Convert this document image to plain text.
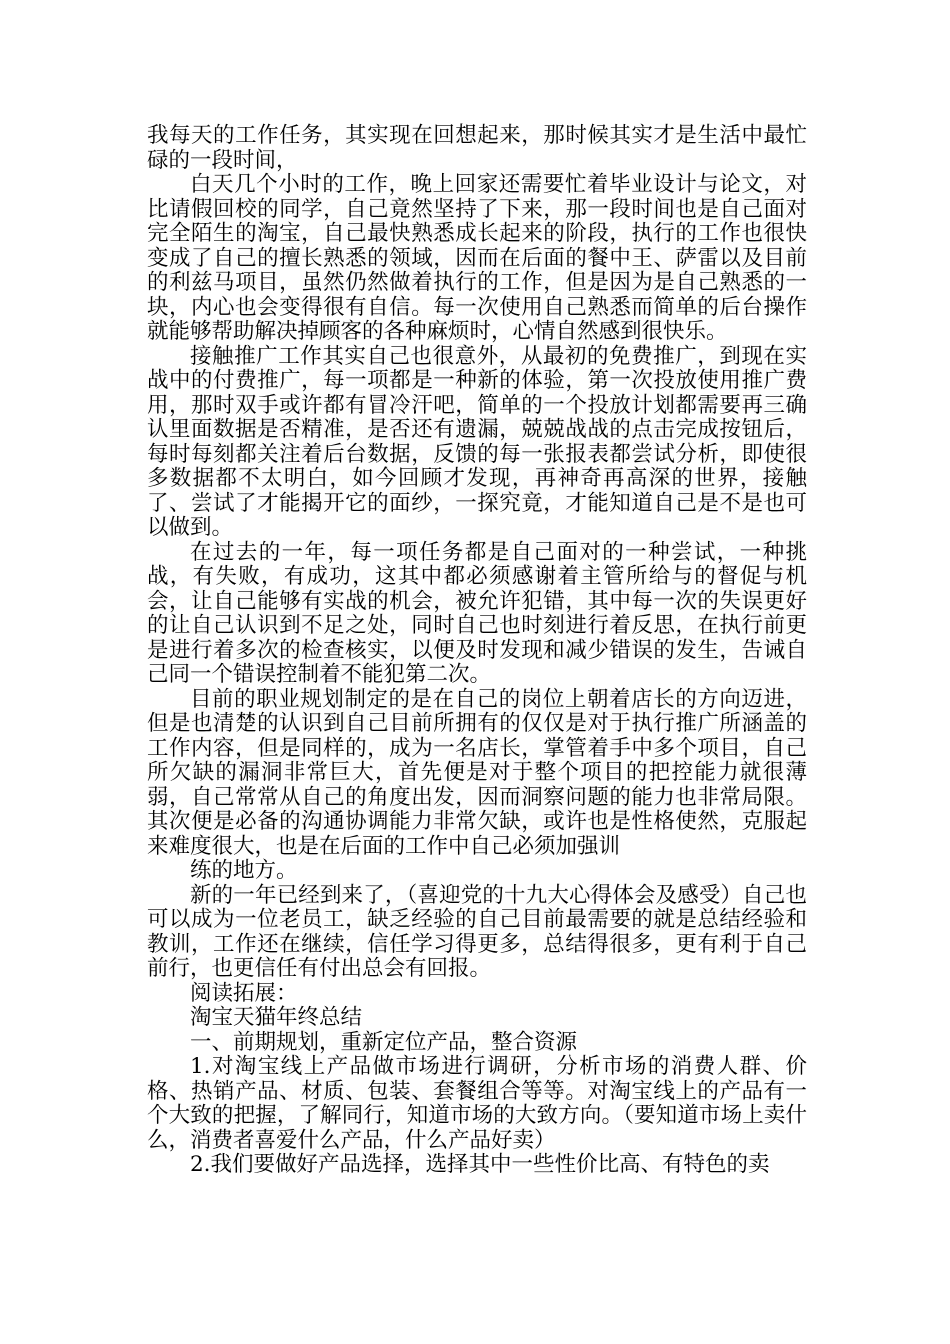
我每天的工作任务，其实现在回想起来，那时候其实才是生活中最忙碌的一段时间，

白天几个小时的工作，晚上回家还需要忙着毕业设计与论文，对比请假回校的同学，自己竟然坚持了下来，那一段时间也是自己面对完全陌生的淘宝，自己最快熟悉成长起来的阶段，执行的工作也很快变成了自己的擅长熟悉的领域，因而在后面的餐中王、萨雷以及目前的利兹马项目，虽然仍然做着执行的工作，但是因为是自己熟悉的一块，内心也会变得很有自信。每一次使用自己熟悉而简单的后台操作就能够帮助解决掉顾客的各种麻烦时，心情自然感到很快乐。

接触推广工作其实自己也很意外，从最初的免费推广，到现在实战中的付费推广，每一项都是一种新的体验，第一次投放使用推广费用，那时双手或许都有冒冷汗吧，简单的一个投放计划都需要再三确认里面数据是否精准，是否还有遗漏，兢兢战战的点击完成按钮后，每时每刻都关注着后台数据，反馈的每一张报表都尝试分析，即使很多数据都不太明白，如今回顾才发现，再神奇再高深的世界，接触了、尝试了才能揭开它的面纱，一探究竟，才能知道自己是不是也可以做到。

在过去的一年，每一项任务都是自己面对的一种尝试，一种挑战，有失败，有成功，这其中都必须感谢着主管所给与的督促与机会，让自己能够有实战的机会，被允许犯错，其中每一次的失误更好的让自己认识到不足之处，同时自己也时刻进行着反思，在执行前更是进行着多次的检查核实，以便及时发现和减少错误的发生，告诫自己同一个错误控制着不能犯第二次。

目前的职业规划制定的是在自己的岗位上朝着店长的方向迈进，但是也清楚的认识到自己目前所拥有的仅仅是对于执行推广所涵盖的工作内容，但是同样的，成为一名店长，掌管着手中多个项目，自己所欠缺的漏洞非常巨大，首先便是对于整个项目的把控能力就很薄弱，自己常常从自己的角度出发，因而洞察问题的能力也非常局限。其次便是必备的沟通协调能力非常欠缺，或许也是性格使然，克服起来难度很大，也是在后面的工作中自己必须加强训

练的地方。

新的一年已经到来了，（喜迎党的十九大心得体会及感受）自己也可以成为一位老员工，缺乏经验的自己目前最需要的就是总结经验和教训，工作还在继续，信任学习得更多，总结得很多，更有利于自己前行，也更信任有付出总会有回报。

阅读拓展：

淘宝天猫年终总结

一、前期规划，重新定位产品，整合资源

1.对淘宝线上产品做市场进行调研，分析市场的消费人群、价格、热销产品、材质、包装、套餐组合等等。对淘宝线上的产品有一个大致的把握，了解同行，知道市场的大致方向。（要知道市场上卖什么，消费者喜爱什么产品，什么产品好卖）

2.我们要做好产品选择，选择其中一些性价比高、有特色的卖
